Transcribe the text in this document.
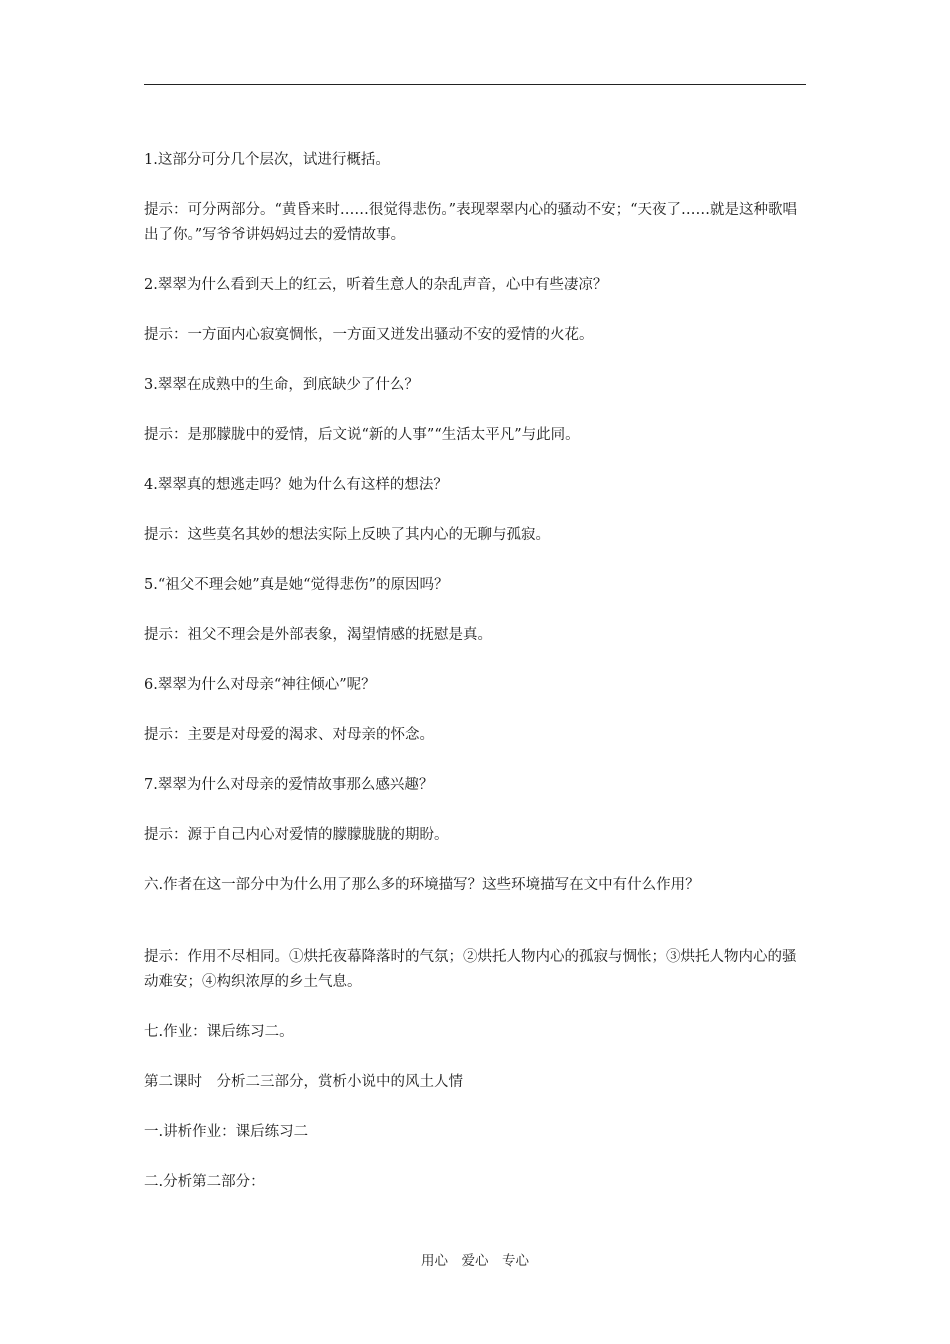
1.这部分可分几个层次，试进行概括。
提示：可分两部分。“黄昏来时……很觉得悲伤。”表现翠翠内心的骚动不安；“天夜了……就是这种歌唱出了你。”写爷爷讲妈妈过去的爱情故事。
2.翠翠为什么看到天上的红云，听着生意人的杂乱声音，心中有些凄凉？
提示：一方面内心寂寞惆怅，一方面又迸发出骚动不安的爱情的火花。
3.翠翠在成熟中的生命，到底缺少了什么？
提示：是那朦胧中的爱情，后文说“新的人事”“生活太平凡”与此同。
4.翠翠真的想逃走吗？她为什么有这样的想法？
提示：这些莫名其妙的想法实际上反映了其内心的无聊与孤寂。
5.“祖父不理会她”真是她“觉得悲伤”的原因吗？
提示：祖父不理会是外部表象，渴望情感的抚慰是真。
6.翠翠为什么对母亲“神往倾心”呢？
提示：主要是对母爱的渴求、对母亲的怀念。
7.翠翠为什么对母亲的爱情故事那么感兴趣？
提示：源于自己内心对爱情的朦朦胧胧的期盼。
六.作者在这一部分中为什么用了那么多的环境描写？这些环境描写在文中有什么作用？
提示：作用不尽相同。①烘托夜幕降落时的气氛；②烘托人物内心的孤寂与惆怅；③烘托人物内心的骚动难安；④构织浓厚的乡土气息。
七.作业：课后练习二。
第二课时　分析二三部分，赏析小说中的风土人情
一.讲析作业：课后练习二
二.分析第二部分：
用心　爱心　专心
